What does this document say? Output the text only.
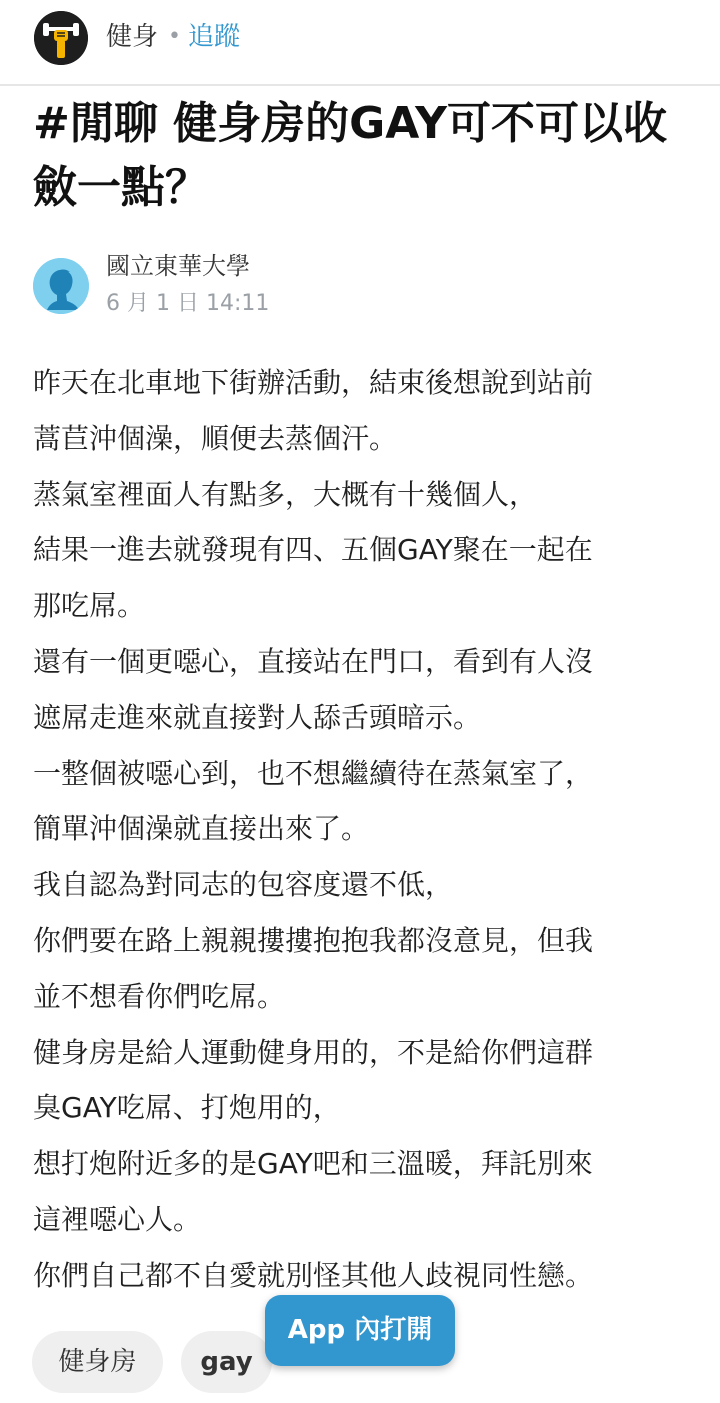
健身 • 追蹤
#閒聊 健身房的GAY可不可以收斂一點？
國立東華大學
6 月 1 日 14:11
昨天在北車地下街辦活動，結束後想說到站前
蒿苣沖個澡，順便去蒸個汗。
蒸氣室裡面人有點多，大概有十幾個人，
結果一進去就發現有四、五個GAY聚在一起在
那吃屌。
還有一個更噁心，直接站在門口，看到有人沒
遮屌走進來就直接對人舔舌頭暗示。
一整個被噁心到，也不想繼續待在蒸氣室了，
簡單沖個澡就直接出來了。
我自認為對同志的包容度還不低，
你們要在路上親親摟摟抱抱我都沒意見，但我
並不想看你們吃屌。
健身房是給人運動健身用的，不是給你們這群
臭GAY吃屌、打炮用的，
想打炮附近多的是GAY吧和三溫暖，拜託別來
這裡噁心人。
你們自己都不自愛就別怪其他人歧視同性戀。
健身房	gay
App 內打開
